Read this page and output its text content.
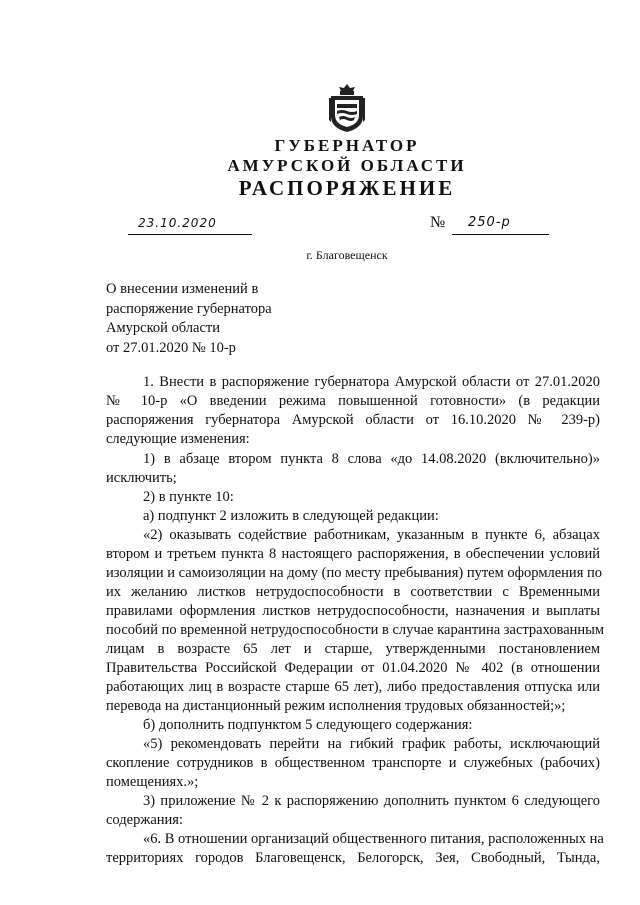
ГУБЕРНАТОР
АМУРСКОЙ ОБЛАСТИ
РАСПОРЯЖЕНИЕ
23.10.2020	№ 250-р
г. Благовещенск
О внесении изменений в
распоряжение губернатора
Амурской области
от 27.01.2020 № 10-р
1. Внести в распоряжение губернатора Амурской области от 27.01.2020
№ 10-р «О введении режима повышенной готовности» (в редакции
распоряжения губернатора Амурской области от 16.10.2020 № 239-р)
следующие изменения:
1) в абзаце втором пункта 8 слова «до 14.08.2020 (включительно)»
исключить;
2) в пункте 10:
а) подпункт 2 изложить в следующей редакции:
«2) оказывать содействие работникам, указанным в пункте 6, абзацах
втором и третьем пункта 8 настоящего распоряжения, в обеспечении условий
изоляции и самоизоляции на дому (по месту пребывания) путем оформления по
их желанию листков нетрудоспособности в соответствии с Временными
правилами оформления листков нетрудоспособности, назначения и выплаты
пособий по временной нетрудоспособности в случае карантина застрахованным
лицам в возрасте 65 лет и старше, утвержденными постановлением
Правительства Российской Федерации от 01.04.2020 № 402 (в отношении
работающих лиц в возрасте старше 65 лет), либо предоставления отпуска или
перевода на дистанционный режим исполнения трудовых обязанностей;»;
б) дополнить подпунктом 5 следующего содержания:
«5) рекомендовать перейти на гибкий график работы, исключающий
скопление сотрудников в общественном транспорте и служебных (рабочих)
помещениях.»;
3) приложение № 2 к распоряжению дополнить пунктом 6 следующего
содержания:
«6. В отношении организаций общественного питания, расположенных на
территориях городов Благовещенск, Белогорск, Зея, Свободный, Тында,
